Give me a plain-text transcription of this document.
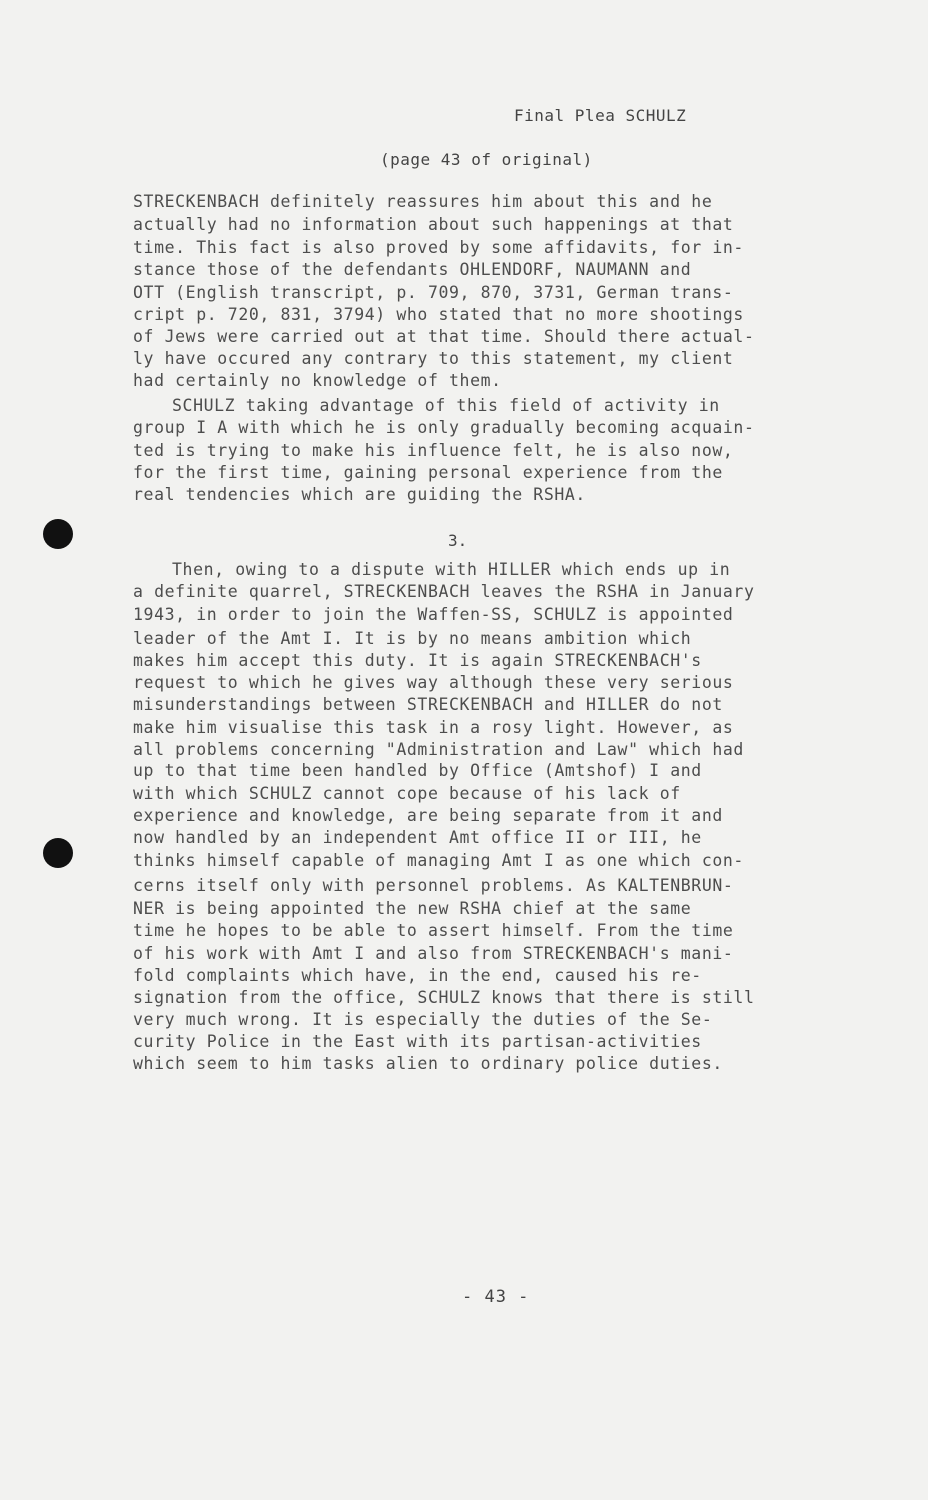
Final Plea SCHULZ
(page 43 of original)
STRECKENBACH definitely reassures him about this and he
actually had no information about such happenings at that
time. This fact is also proved by some affidavits, for in-
stance those of the defendants OHLENDORF, NAUMANN and
OTT (English transcript, p. 709, 870, 3731, German trans-
cript p. 720, 831, 3794) who stated that no more shootings
of Jews were carried out at that time. Should there actual-
ly have occured any contrary to this statement, my client
had certainly no knowledge of them.
SCHULZ taking advantage of this field of activity in
group I A with which he is only gradually becoming acquain-
ted is trying to make his influence felt, he is also now,
for the first time, gaining personal experience from the
real tendencies which are guiding the RSHA.
3.
Then, owing to a dispute with HILLER which ends up in
a definite quarrel, STRECKENBACH leaves the RSHA in January
1943, in order to join the Waffen-SS, SCHULZ is appointed
leader of the Amt I. It is by no means ambition which
makes him accept this duty. It is again STRECKENBACH's
request to which he gives way although these very serious
misunderstandings between STRECKENBACH and HILLER do not
make him visualise this task in a rosy light. However, as
all problems concerning "Administration and Law" which had
up to that time been handled by Office (Amtshof) I and
with which SCHULZ cannot cope because of his lack of
experience and knowledge, are being separate from it and
now handled by an independent Amt office II or III, he
thinks himself capable of managing Amt I as one which con-
cerns itself only with personnel problems. As KALTENBRUN-
NER is being appointed the new RSHA chief at the same
time he hopes to be able to assert himself. From the time
of his work with Amt I and also from STRECKENBACH's mani-
fold complaints which have, in the end, caused his re-
signation from the office, SCHULZ knows that there is still
very much wrong. It is especially the duties of the Se-
curity Police in the East with its partisan-activities
which seem to him tasks alien to ordinary police duties.
- 43 -
